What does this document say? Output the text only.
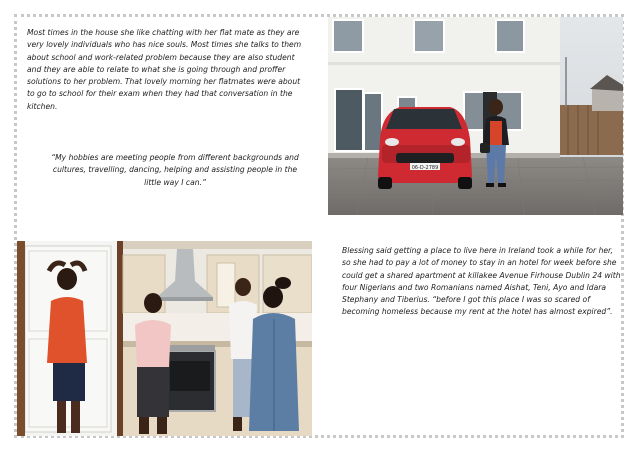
Most times in the house she like chatting with her flat mate as they are very lovely individuals who has nice souls. Most times she talks to them about school and work-related problem because they are also student and they are able to relate to what she is going through and proffer solutions to her problem. That lovely morning her flatmates were about to go to school for their exam when they had that conversation in the kitchen.

“My hobbies are meeting people from different backgrounds and cultures, travelling, dancing, helping and assisting people in the little way I can.”

Blessing said getting a place to live here in Ireland took a while for her, so she had to pay a lot of money to stay in an hotel for week before she could get a shared apartment at killakee Avenue Firhouse Dublin 24 with four Nigerians and two Romanians named Aishat, Teni, Ayo and Idara Stephany and Tiberius. “before I got this place I was so scared of becoming homeless because my rent at the hotel has almost expired”.

06-D-2789
